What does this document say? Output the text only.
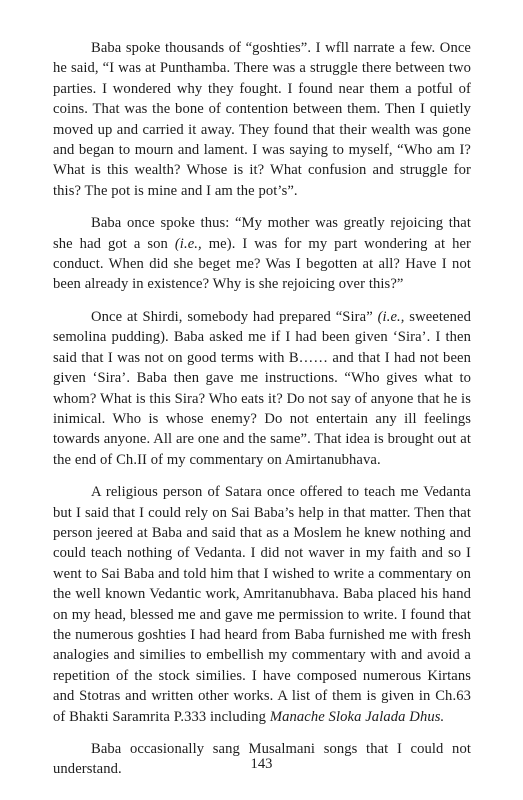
Baba spoke thousands of “goshties”. I wfll narrate a few. Once he said, “I was at Punthamba. There was a struggle there between two parties. I wondered why they fought. I found near them a potful of coins. That was the bone of contention between them. Then I quietly moved up and carried it away. They found that their wealth was gone and began to mourn and lament. I was saying to myself, “Who am I? What is this wealth? Whose is it? What confusion and struggle for this? The pot is mine and I am the pot’s”.

Baba once spoke thus: “My mother was greatly rejoicing that she had got a son (i.e., me). I was for my part wondering at her conduct. When did she beget me? Was I begotten at all? Have I not been already in existence? Why is she rejoicing over this?”

Once at Shirdi, somebody had prepared “Sira” (i.e., sweetened semolina pudding). Baba asked me if I had been given ‘Sira’. I then said that I was not on good terms with B…… and that I had not been given ‘Sira’. Baba then gave me instructions. “Who gives what to whom? What is this Sira? Who eats it? Do not say of anyone that he is inimical. Who is whose enemy? Do not entertain any ill feelings towards anyone. All are one and the same”. That idea is brought out at the end of Ch.II of my commentary on Amirtanubhava.

A religious person of Satara once offered to teach me Vedanta but I said that I could rely on Sai Baba’s help in that matter. Then that person jeered at Baba and said that as a Moslem he knew nothing and could teach nothing of Vedanta. I did not waver in my faith and so I went to Sai Baba and told him that I wished to write a commentary on the well known Vedantic work, Amritanubhava. Baba placed his hand on my head, blessed me and gave me permission to write. I found that the numerous goshties I had heard from Baba furnished me with fresh analogies and similies to embellish my commentary with and avoid a repetition of the stock similies. I have composed numerous Kirtans and Stotras and written other works. A list of them is given in Ch.63 of Bhakti Saramrita P.333 including Manache Sloka Jalada Dhus.

Baba occasionally sang Musalmani songs that I could not understand.	143
